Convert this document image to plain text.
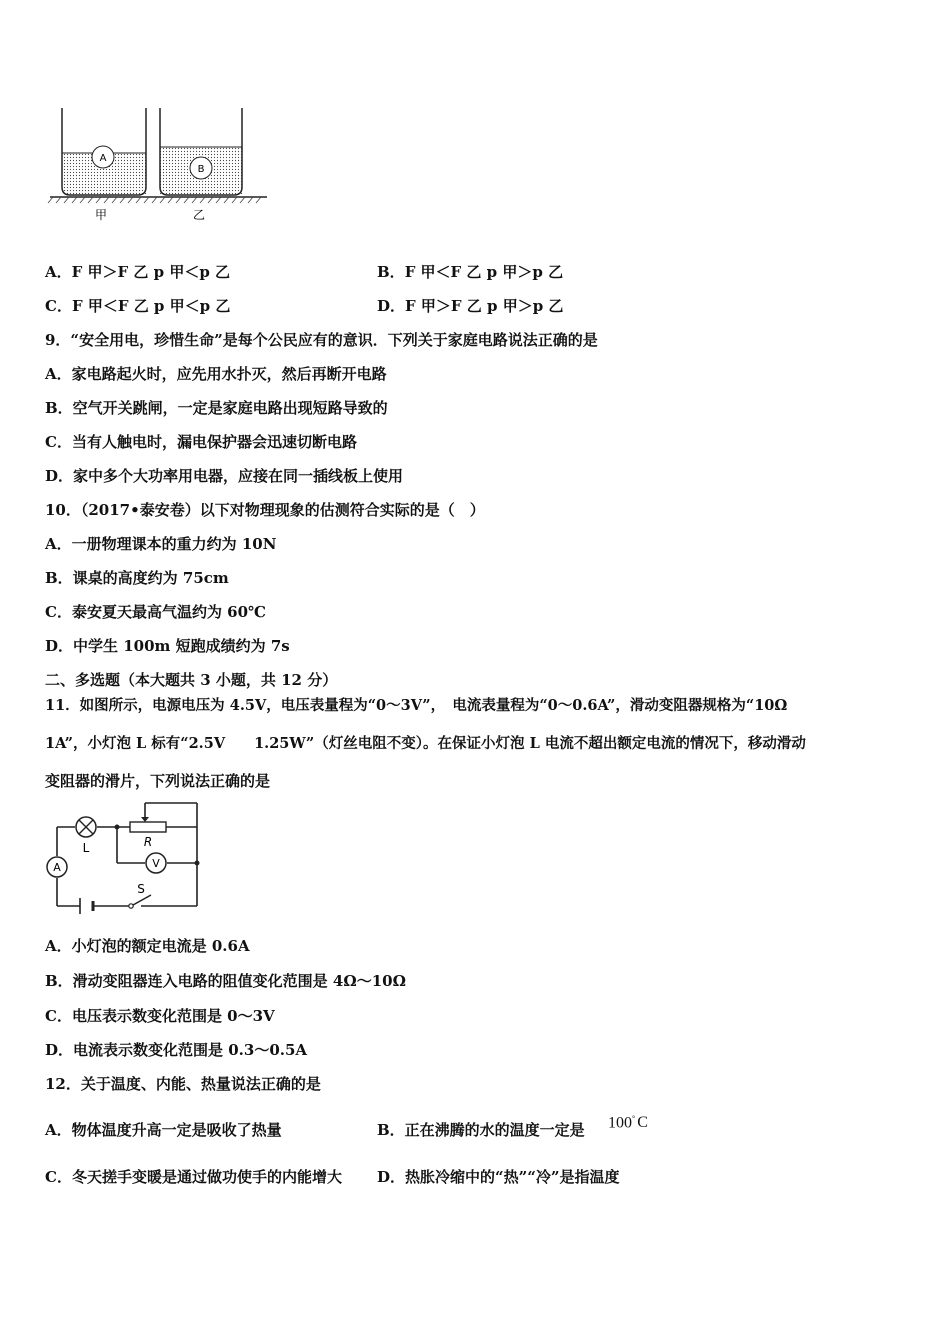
A
B
甲	乙
A．F 甲＞F 乙 p 甲＜p 乙	B．F 甲＜F 乙 p 甲＞p 乙
C．F 甲＜F 乙 p 甲＜p 乙	D．F 甲＞F 乙 p 甲＞p 乙
9．“安全用电，珍惜生命”是每个公民应有的意识．下列关于家庭电路说法正确的是
A．家电路起火时，应先用水扑灭，然后再断开电路
B．空气开关跳闸，一定是家庭电路出现短路导致的
C．当有人触电时，漏电保护器会迅速切断电路
D．家中多个大功率用电器，应接在同一插线板上使用
10．（2017•泰安卷）以下对物理现象的估测符合实际的是（　）
A．一册物理课本的重力约为 10N
B．课桌的高度约为 75cm
C．泰安夏天最高气温约为 60℃
D．中学生 100m 短跑成绩约为 7s
二、多选题（本大题共 3 小题，共 12 分）
11．如图所示，电源电压为 4.5V，电压表量程为“0～3V”，　电流表量程为“0～0.6A”，滑动变阻器规格为“10Ω
1A”，小灯泡 L 标有“2.5V　　1.25W”（灯丝电阻不变）。在保证小灯泡 L 电流不超出额定电流的情况下，移动滑动
变阻器的滑片，下列说法正确的是
A	V
L	R
S
A．小灯泡的额定电流是 0.6A
B．滑动变阻器连入电路的阻值变化范围是 4Ω～10Ω
C．电压表示数变化范围是 0～3V
D．电流表示数变化范围是 0.3～0.5A
12．关于温度、内能、热量说法正确的是
A．物体温度升高一定是吸收了热量	B．正在沸腾的水的温度一定是 100° C
C．冬天搓手变暖是通过做功使手的内能增大 D．热胀冷缩中的“热”“冷”是指温度
